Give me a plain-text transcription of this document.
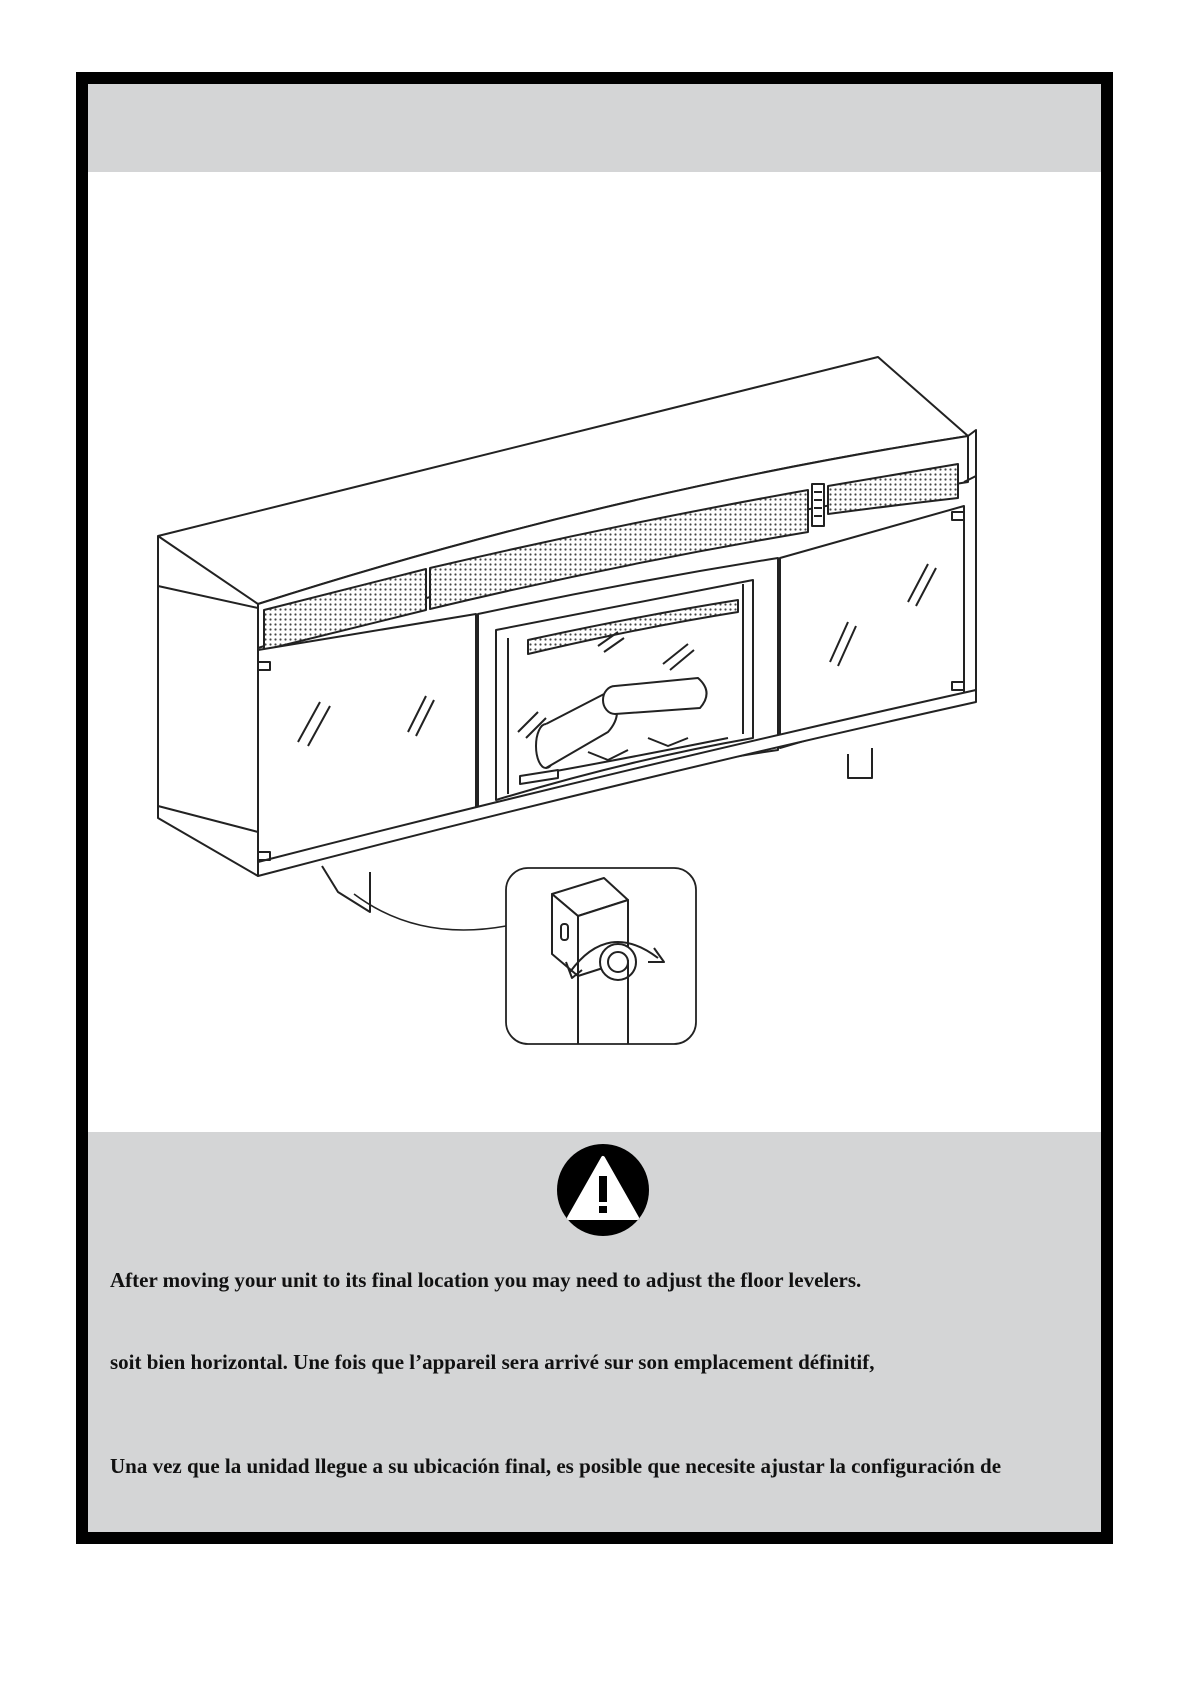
After moving your unit to its final location you may need to adjust the floor levelers.
soit bien horizontal. Une fois que l’appareil sera arrivé sur son emplacement définitif,
Una vez que la unidad llegue a su ubicación final, es posible que necesite ajustar la configuración de
